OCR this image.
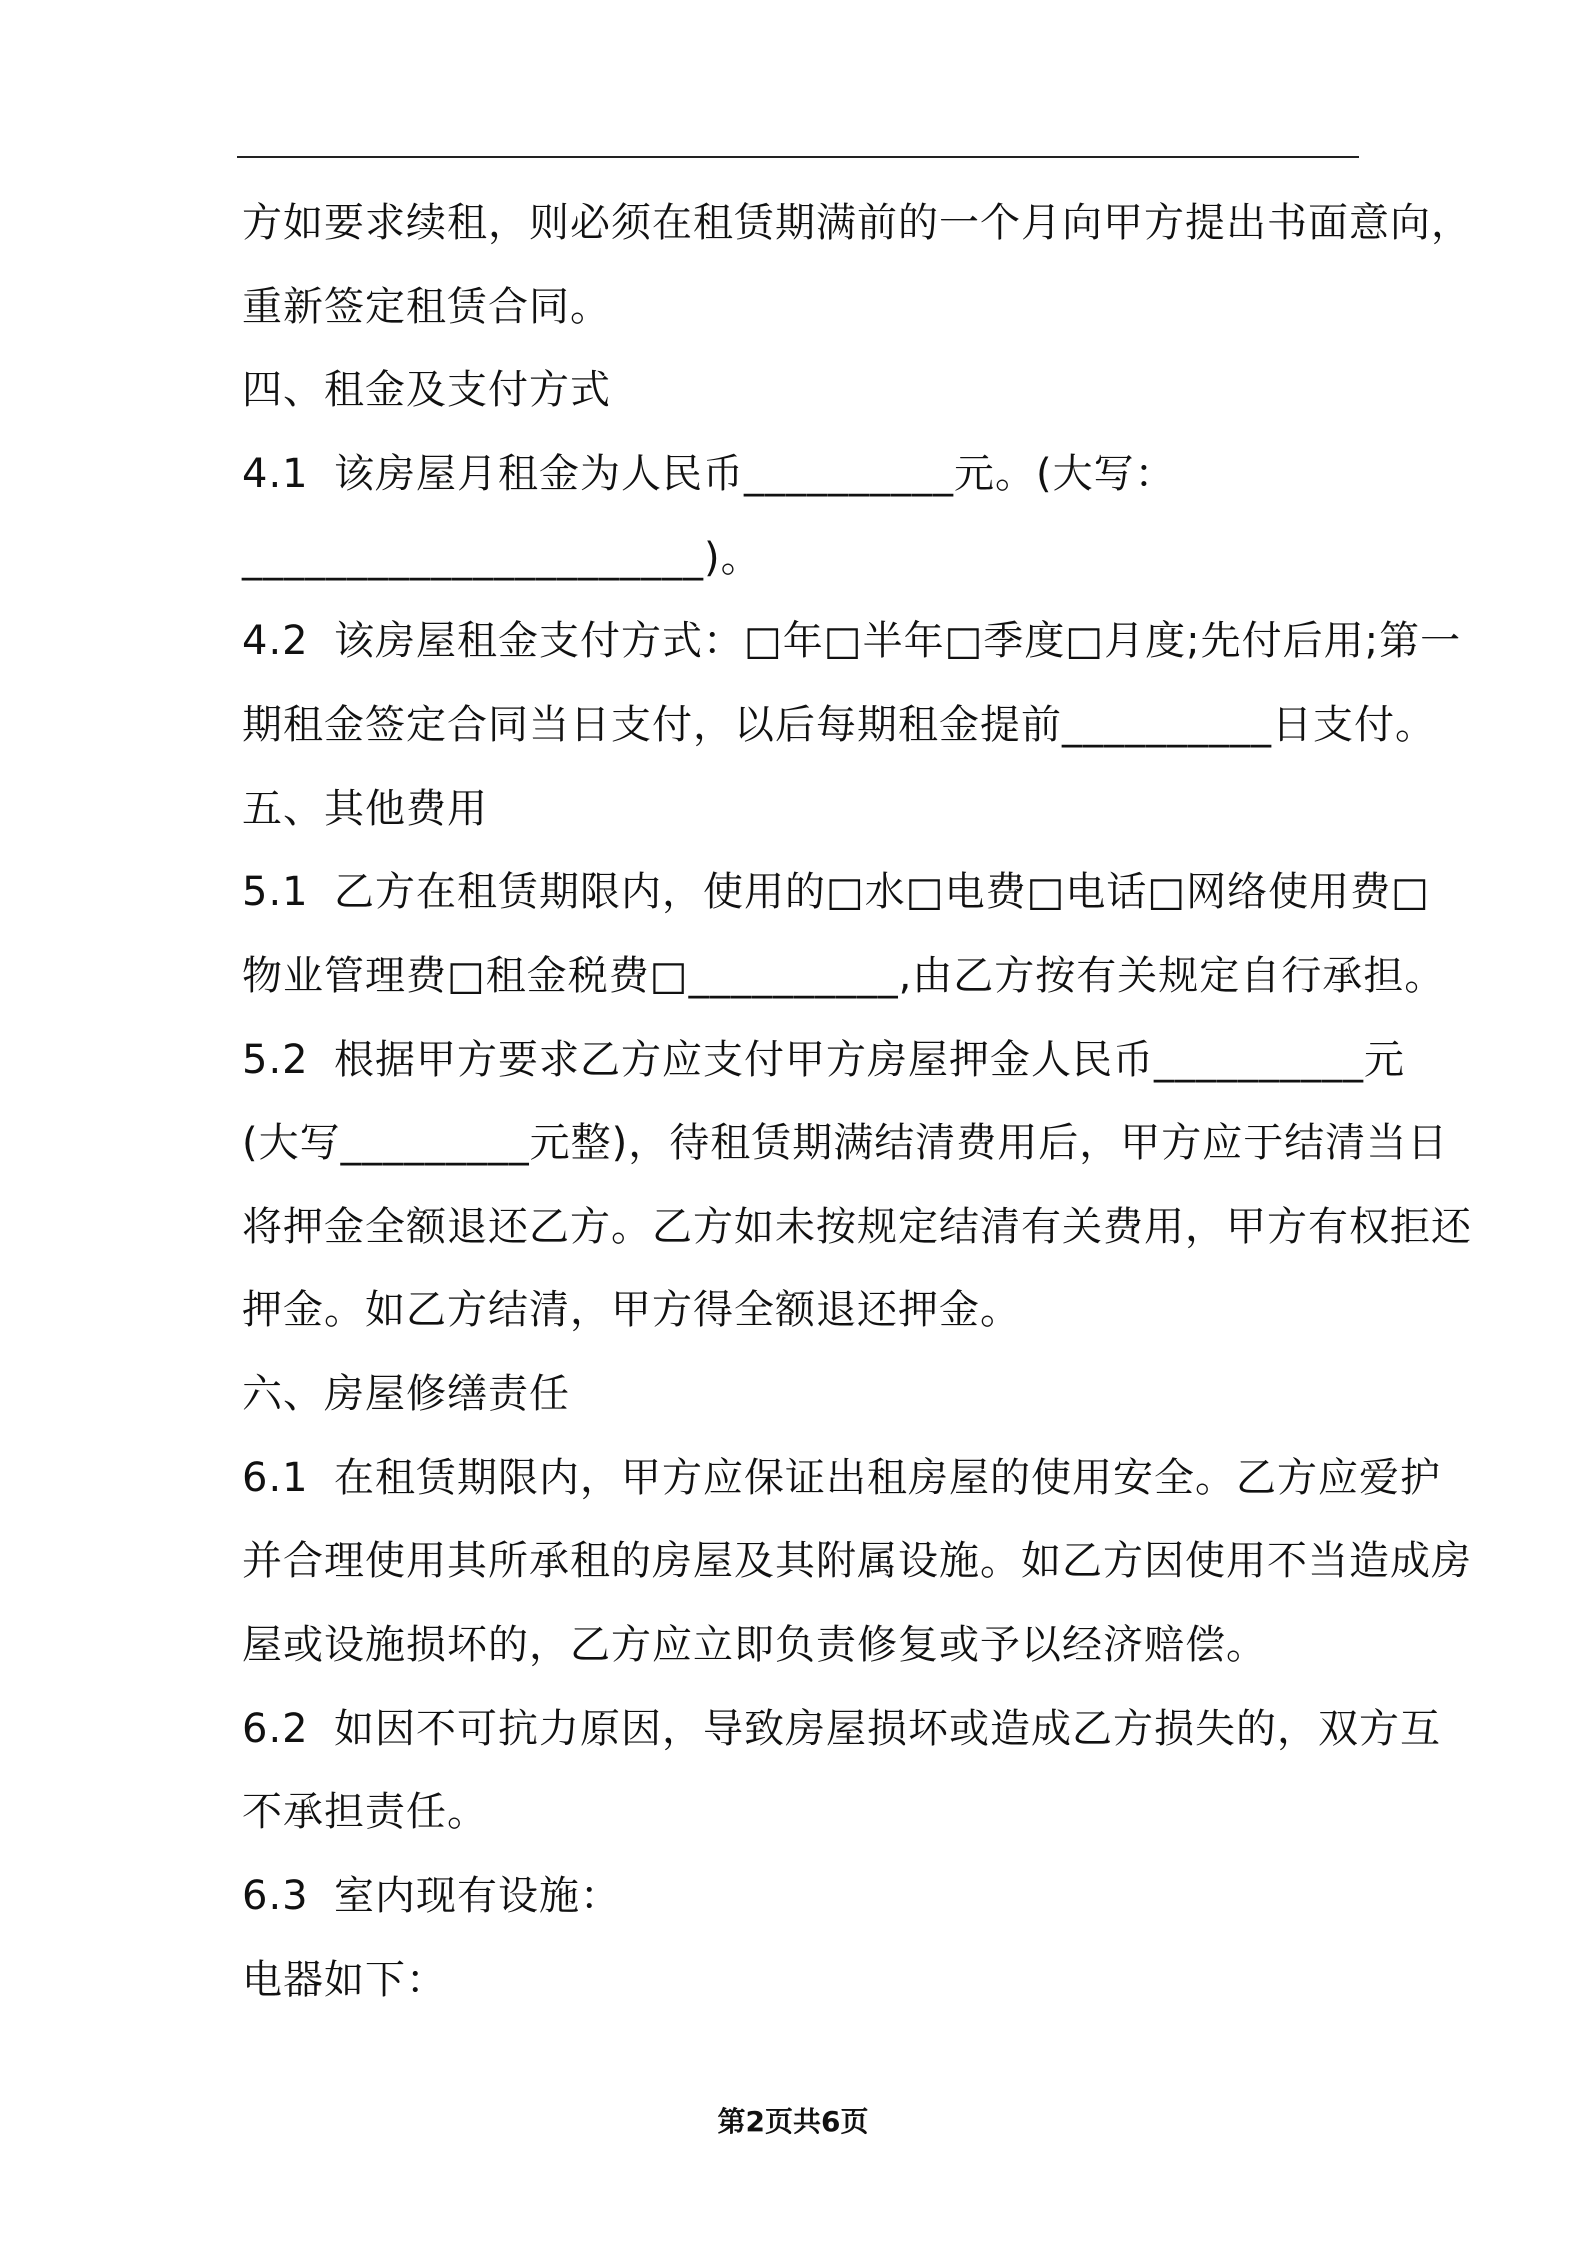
方如要求续租，则必须在租赁期满前的一个月向甲方提出书面意向，
重新签定租赁合同。
四、租金及支付方式
4.1 该房屋月租金为人民币__________元。(大写：
______________________)。
4.2 该房屋租金支付方式：□年□半年□季度□月度;先付后用;第一
期租金签定合同当日支付，以后每期租金提前__________日支付。
五、其他费用
5.1 乙方在租赁期限内，使用的□水□电费□电话□网络使用费□
物业管理费□租金税费□__________,由乙方按有关规定自行承担。
5.2 根据甲方要求乙方应支付甲方房屋押金人民币__________元
(大写_________元整)，待租赁期满结清费用后，甲方应于结清当日
将押金全额退还乙方。乙方如未按规定结清有关费用，甲方有权拒还
押金。如乙方结清，甲方得全额退还押金。
六、房屋修缮责任
6.1 在租赁期限内，甲方应保证出租房屋的使用安全。乙方应爱护
并合理使用其所承租的房屋及其附属设施。如乙方因使用不当造成房
屋或设施损坏的，乙方应立即负责修复或予以经济赔偿。
6.2 如因不可抗力原因，导致房屋损坏或造成乙方损失的，双方互
不承担责任。
6.3 室内现有设施：
电器如下：
第2页共6页
